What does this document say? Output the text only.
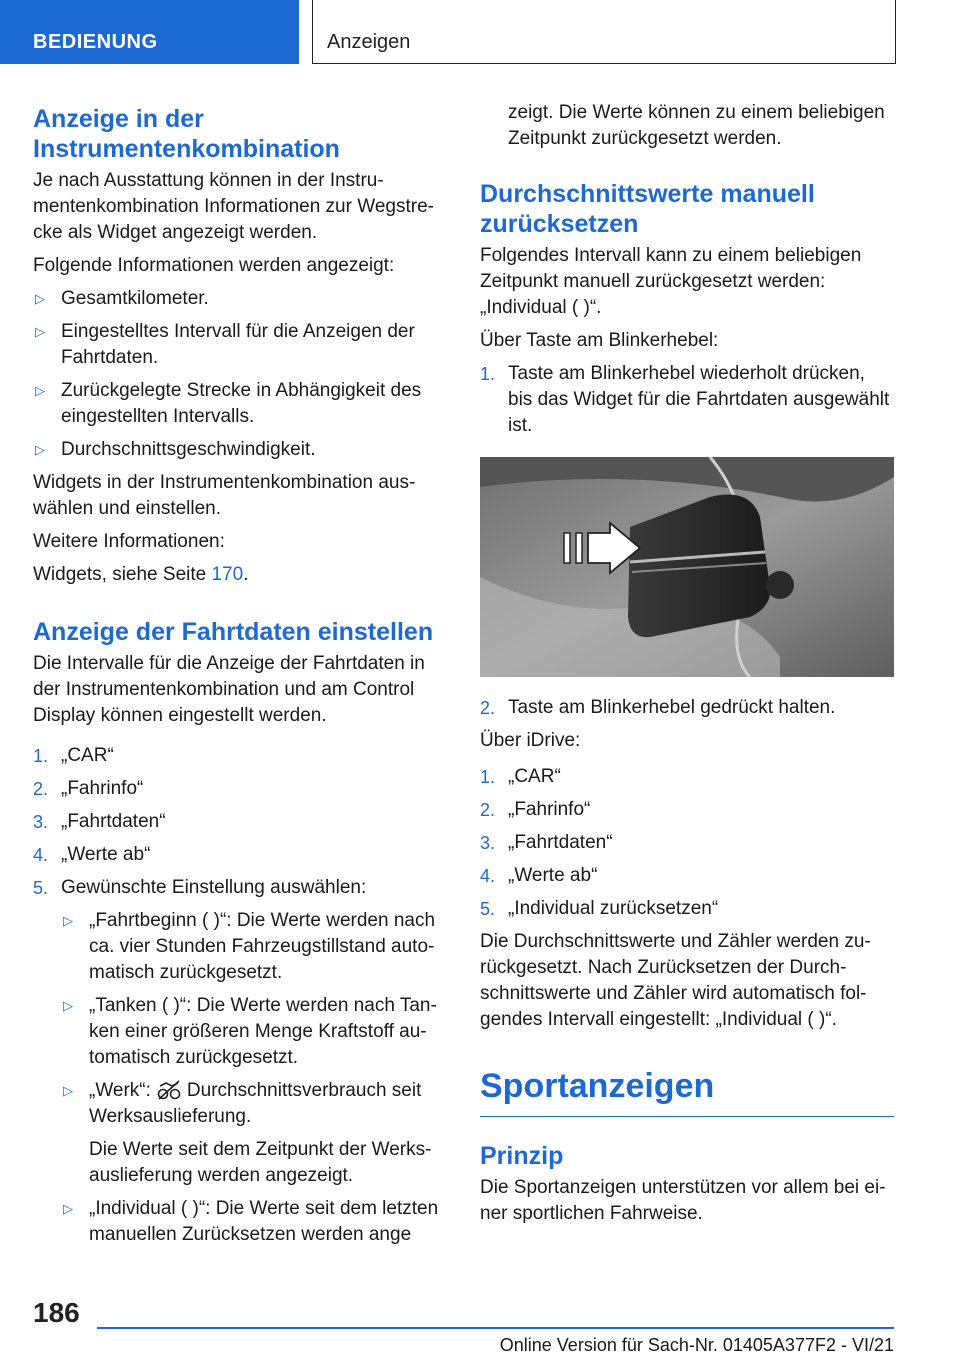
BEDIENUNG	Anzeigen
Anzeige in der Instrumentenkombination

Je nach Ausstattung können in der Instrumentenkombination Informationen zur Wegstrecke als Widget angezeigt werden.

Folgende Informationen werden angezeigt:

▷ Gesamtkilometer.
▷ Eingestelltes Intervall für die Anzeigen der Fahrtdaten.
▷ Zurückgelegte Strecke in Abhängigkeit des eingestellten Intervalls.
▷ Durchschnittsgeschwindigkeit.

Widgets in der Instrumentenkombination auswählen und einstellen.

Weitere Informationen:

Widgets, siehe Seite 170.

Anzeige der Fahrtdaten einstellen

Die Intervalle für die Anzeige der Fahrtdaten in der Instrumentenkombination und am Control Display können eingestellt werden.

1. „CAR“
2. „Fahrinfo“
3. „Fahrtdaten“
4. „Werte ab“
5. Gewünschte Einstellung auswählen:
▷ „Fahrtbeginn ( )“: Die Werte werden nach ca. vier Stunden Fahrzeugstillstand automatisch zurückgesetzt.
▷ „Tanken ( )“: Die Werte werden nach Tanken einer größeren Menge Kraftstoff automatisch zurückgesetzt.
▷ „Werk“: Durchschnittsverbrauch seit Werksauslieferung.
Die Werte seit dem Zeitpunkt der Werksauslieferung werden angezeigt.
▷ „Individual ( )“: Die Werte seit dem letzten manuellen Zurücksetzen werden ange

zeigt. Die Werte können zu einem beliebigen Zeitpunkt zurückgesetzt werden.

Durchschnittswerte manuell zurücksetzen

Folgendes Intervall kann zu einem beliebigen Zeitpunkt manuell zurückgesetzt werden: „Individual ( )“.

Über Taste am Blinkerhebel:

1. Taste am Blinkerhebel wiederholt drücken, bis das Widget für die Fahrtdaten ausgewählt ist.
2. Taste am Blinkerhebel gedrückt halten.

Über iDrive:

1. „CAR“
2. „Fahrinfo“
3. „Fahrtdaten“
4. „Werte ab“
5. „Individual zurücksetzen“

Die Durchschnittswerte und Zähler werden zurückgesetzt. Nach Zurücksetzen der Durchschnittswerte und Zähler wird automatisch folgendes Intervall eingestellt: „Individual ( )“.

Sportanzeigen
Prinzip

Die Sportanzeigen unterstützen vor allem bei einer sportlichen Fahrweise.

186
Online Version für Sach-Nr. 01405A377F2 - VI/21
